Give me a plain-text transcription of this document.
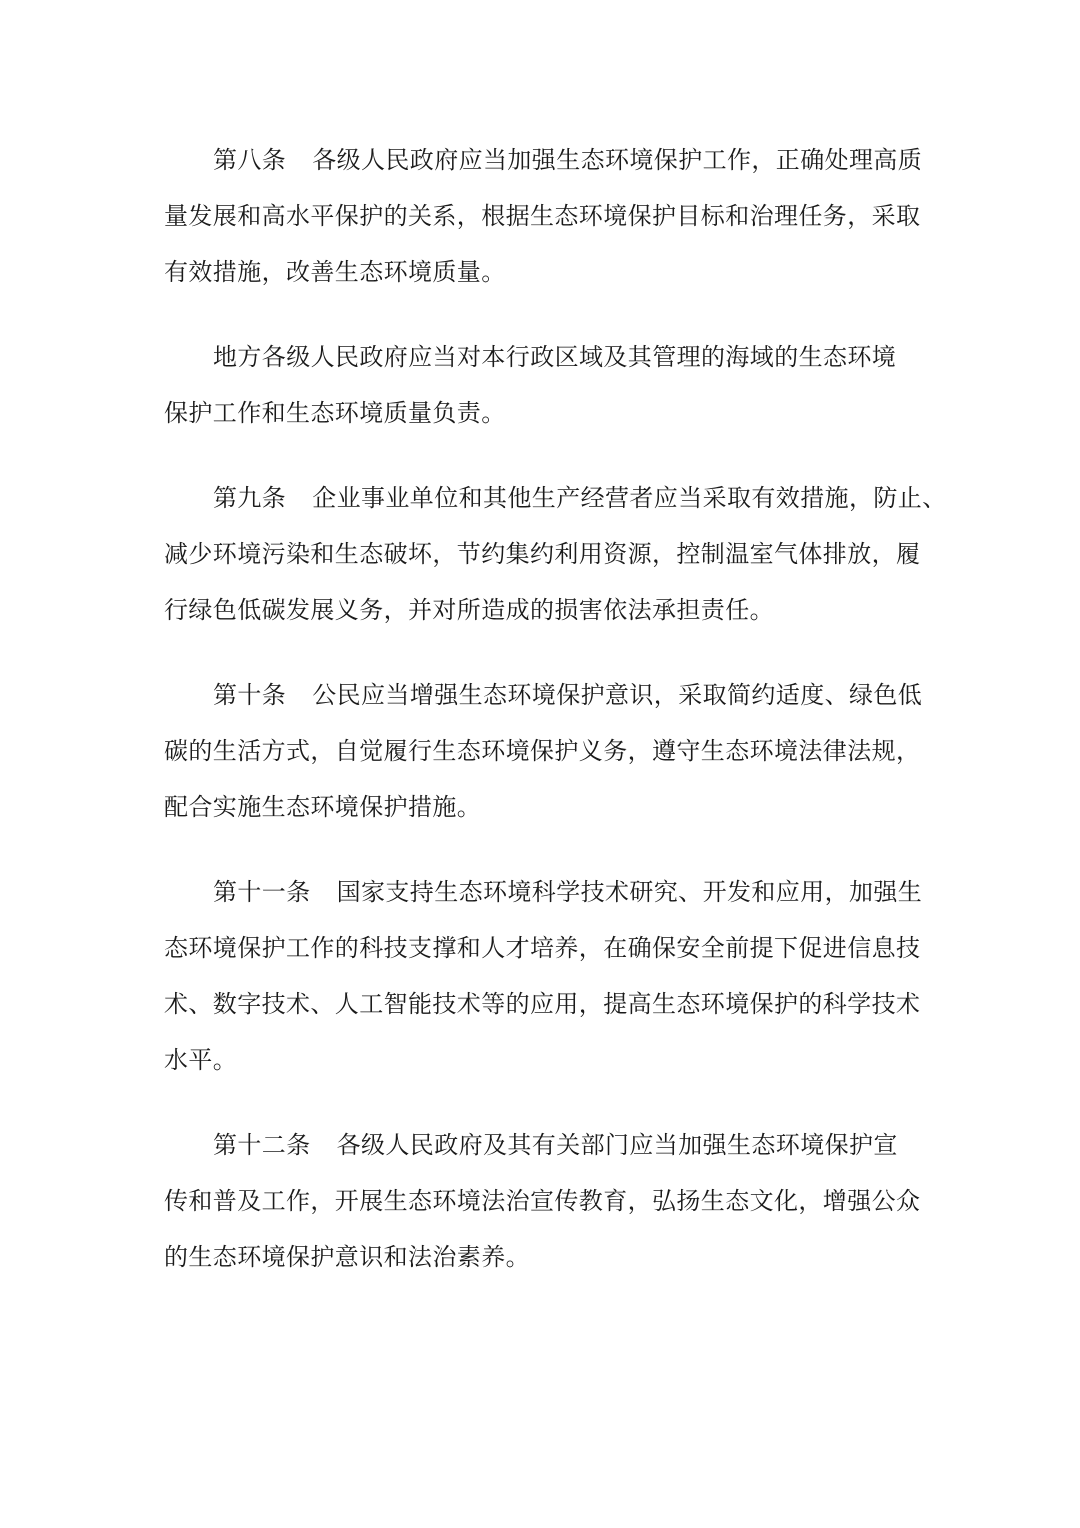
第八条 各级人民政府应当加强生态环境保护工作，正确处理高质
量发展和高水平保护的关系，根据生态环境保护目标和治理任务，采取
有效措施，改善生态环境质量。
地方各级人民政府应当对本行政区域及其管理的海域的生态环境
保护工作和生态环境质量负责。
第九条 企业事业单位和其他生产经营者应当采取有效措施，防止、
减少环境污染和生态破坏，节约集约利用资源，控制温室气体排放，履
行绿色低碳发展义务，并对所造成的损害依法承担责任。
第十条 公民应当增强生态环境保护意识，采取简约适度、绿色低
碳的生活方式，自觉履行生态环境保护义务，遵守生态环境法律法规，
配合实施生态环境保护措施。
第十一条 国家支持生态环境科学技术研究、开发和应用，加强生
态环境保护工作的科技支撑和人才培养，在确保安全前提下促进信息技
术、数字技术、人工智能技术等的应用，提高生态环境保护的科学技术
水平。
第十二条 各级人民政府及其有关部门应当加强生态环境保护宣
传和普及工作，开展生态环境法治宣传教育，弘扬生态文化，增强公众
的生态环境保护意识和法治素养。
